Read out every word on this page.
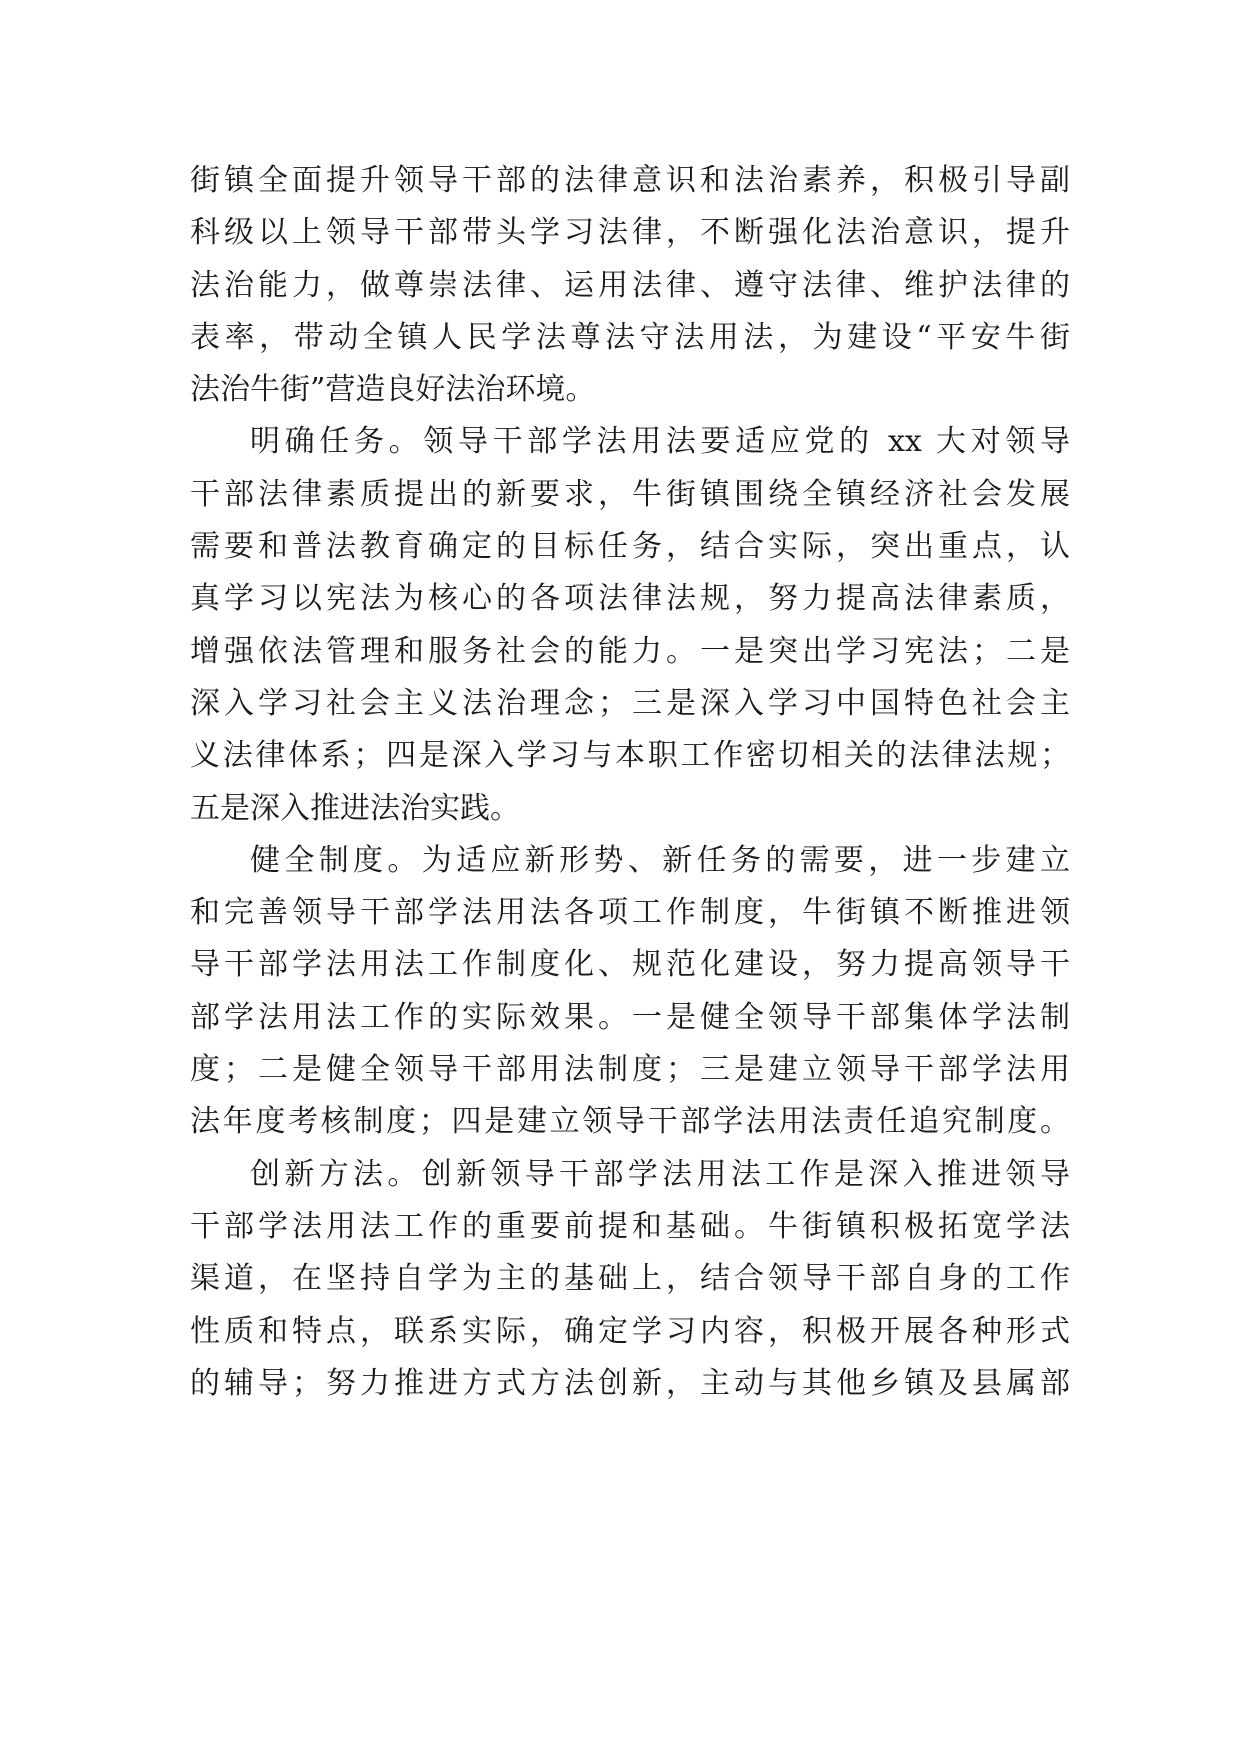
街镇全面提升领导干部的法律意识和法治素养，积极引导副
科级以上领导干部带头学习法律，不断强化法治意识，提升
法治能力，做尊崇法律、运用法律、遵守法律、维护法律的
表率，带动全镇人民学法尊法守法用法，为建设“平安牛街
法治牛街”营造良好法治环境。
明确任务。领导干部学法用法要适应党的 xx 大对领导
干部法律素质提出的新要求，牛街镇围绕全镇经济社会发展
需要和普法教育确定的目标任务，结合实际，突出重点，认
真学习以宪法为核心的各项法律法规，努力提高法律素质，
增强依法管理和服务社会的能力。一是突出学习宪法；二是
深入学习社会主义法治理念；三是深入学习中国特色社会主
义法律体系；四是深入学习与本职工作密切相关的法律法规；
五是深入推进法治实践。
健全制度。为适应新形势、新任务的需要，进一步建立
和完善领导干部学法用法各项工作制度，牛街镇不断推进领
导干部学法用法工作制度化、规范化建设，努力提高领导干
部学法用法工作的实际效果。一是健全领导干部集体学法制
度；二是健全领导干部用法制度；三是建立领导干部学法用
法年度考核制度；四是建立领导干部学法用法责任追究制度。
创新方法。创新领导干部学法用法工作是深入推进领导
干部学法用法工作的重要前提和基础。牛街镇积极拓宽学法
渠道，在坚持自学为主的基础上，结合领导干部自身的工作
性质和特点，联系实际，确定学习内容，积极开展各种形式
的辅导；努力推进方式方法创新，主动与其他乡镇及县属部
